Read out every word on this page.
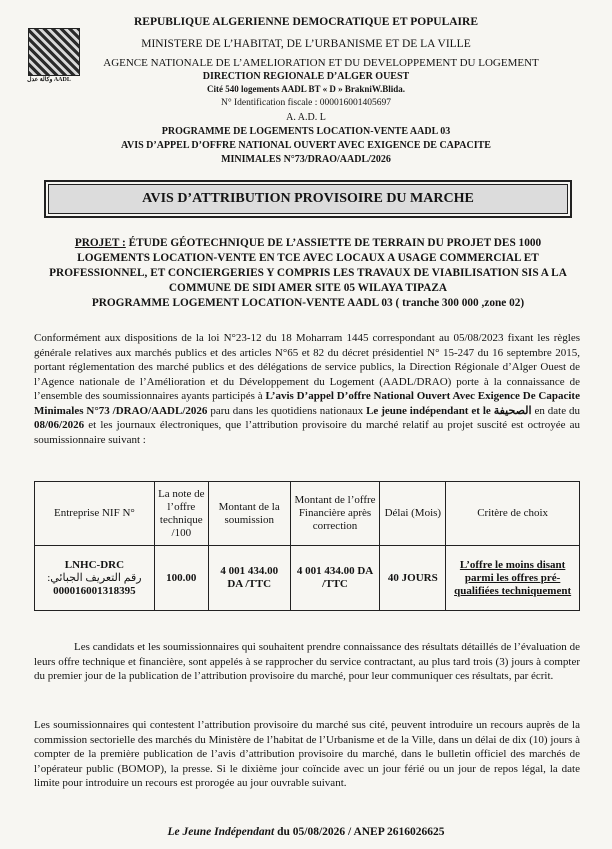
وكالة عدل AADL
REPUBLIQUE ALGERIENNE DEMOCRATIQUE ET POPULAIRE
MINISTERE DE L’HABITAT, DE L’URBANISME ET DE LA VILLE
AGENCE NATIONALE DE L’AMELIORATION ET DU DEVELOPPEMENT DU LOGEMENT
DIRECTION REGIONALE D’ALGER OUEST
Cité 540 logements AADL BT « D » BrakniW.Blida.
N° Identification fiscale : 000016001405697
A. A.D. L
PROGRAMME DE LOGEMENTS LOCATION-VENTE AADL 03
AVIS D’APPEL D’OFFRE NATIONAL OUVERT AVEC EXIGENCE DE CAPACITE
MINIMALES N°73/DRAO/AADL/2026
AVIS D’ATTRIBUTION PROVISOIRE DU MARCHE
PROJET : ÉTUDE GÉOTECHNIQUE DE L’ASSIETTE DE TERRAIN DU PROJET DES 1000 LOGEMENTS LOCATION-VENTE EN TCE AVEC LOCAUX A USAGE COMMERCIAL ET PROFESSIONNEL, ET CONCIERGERIES Y COMPRIS LES TRAVAUX DE VIABILISATION SIS A LA COMMUNE DE SIDI AMER SITE 05 WILAYA TIPAZA
PROGRAMME LOGEMENT LOCATION-VENTE AADL 03 ( tranche 300 000 ,zone 02)
Conformément aux dispositions de la loi N°23-12 du 18 Moharram 1445 correspondant au 05/08/2023 fixant les règles générale relatives aux marchés publics et des articles N°65 et 82 du décret présidentiel N° 15-247 du 16 septembre 2015, portant réglementation des marché publics et des délégations de service publics, la Direction Régionale d’Alger Ouest de l’Agence nationale de l’Amélioration et du Développement du Logement (AADL/DRAO) porte à la connaissance de l’ensemble des soumissionnaires ayants participés à L’avis D’appel D’offre National Ouvert Avec Exigence De Capacite Minimales N°73 /DRAO/AADL/2026 paru dans les quotidiens nationaux Le jeune indépendant et le الصحيفة en date du 08/06/2026 et les journaux électroniques, que l’attribution provisoire du marché relatif au projet suscité est octroyée au soumissionnaire suivant :
Entreprise NIF N°	La note de l’offre technique /100	Montant de la soumission	Montant de l’offre Financière après correction	Délai (Mois)	Critère de choix

LNHC-DRC
رقم التعريف الجبائي:
000016001318395	100.00	4 001 434.00 DA /TTC	4 001 434.00 DA /TTC	40 JOURS	L’offre le moins disant parmi les offres pré-qualifiées techniquement
Les candidats et les soumissionnaires qui souhaitent prendre connaissance des résultats détaillés de l’évaluation de leurs offre technique et financière, sont appelés à se rapprocher du service contractant, au plus tard trois (3) jours à compter du premier jour de la publication de l’attribution provisoire du marché, pour leur communiquer ces résultats, par écrit.
Les soumissionnaires qui contestent l’attribution provisoire du marché sus cité, peuvent introduire un recours auprès de la commission sectorielle des marchés du Ministère de l’habitat de l’Urbanisme et de la Ville, dans un délai de dix (10) jours à compter de la première publication de l’avis d’attribution provisoire du marché, dans le bulletin officiel des marchés de l’opérateur public (BOMOP), la presse. Si le dixième jour coïncide avec un jour férié ou un jour de repos légal, la date limite pour introduire un recours est prorogée au jour ouvrable suivant.
Le Jeune Indépendant du 05/08/2026 / ANEP 2616026625
